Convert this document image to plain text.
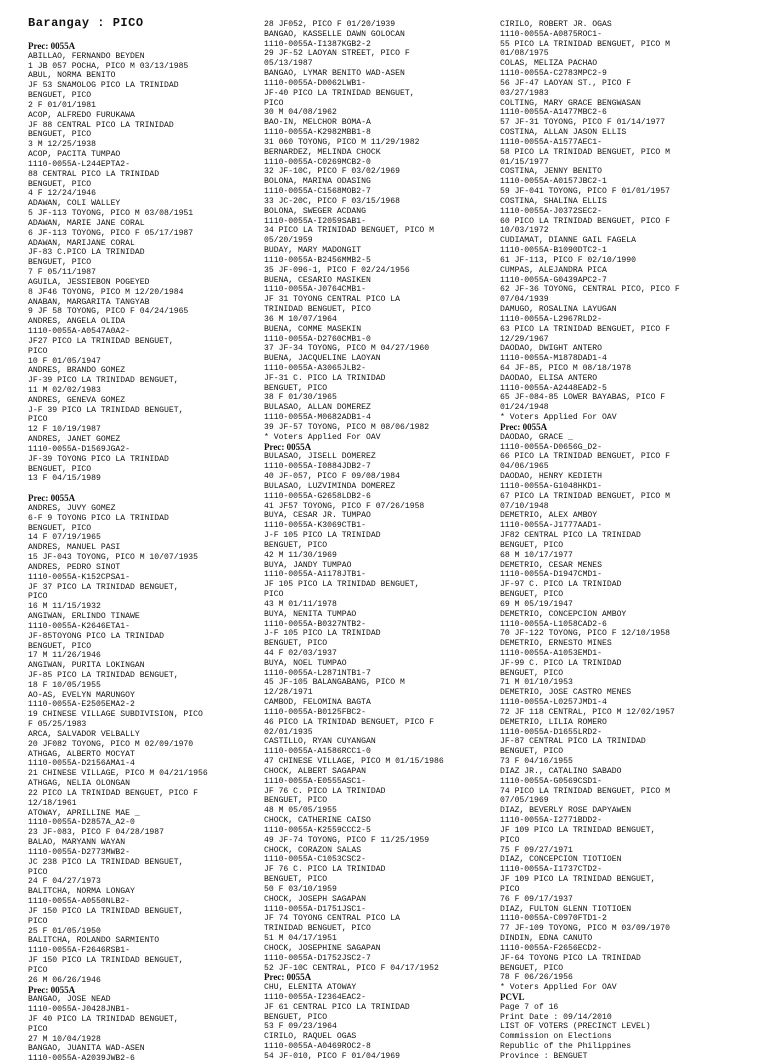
Barangay : PICO
Prec: 0055A
ABILLAO, FERNANDO BEYDEN
1 JB 057 POCHA, PICO M 03/13/1985
ABUL, NORMA BENITO
JF 53 SNAMOLOG PICO LA TRINIDAD
BENGUET, PICO
2 F 01/01/1981
ACOP, ALFREDO FURUKAWA
JF 88 CENTRAL PICO LA TRINIDAD
BENGUET, PICO
3 M 12/25/1938
ACOP, PACITA TUMPAO
1110-0055A-L244EPTA2-
88 CENTRAL PICO LA TRINIDAD
BENGUET, PICO
4 F 12/24/1946
ADAWAN, COLI WALLEY
5 JF-113 TOYONG, PICO M 03/08/1951
ADAWAN, MARIE JANE CORAL
6 JF-113 TOYONG, PICO F 05/17/1987
ADAWAN, MARIJANE CORAL
JF-83 C.PICO LA TRINIDAD
BENGUET, PICO
7 F 05/11/1987
AGUILA, JESSIEBON POGEYED
8 JF46 TOYONG, PICO M 12/20/1984
ANABAN, MARGARITA TANGYAB
9 JF 58 TOYONG, PICO F 04/24/1965
ANDRES, ANGELA OLIDA
1110-0055A-A0547A0A2-
JF27 PICO LA TRINIDAD BENGUET,
PICO
10 F 01/05/1947
ANDRES, BRANDO GOMEZ
JF-39 PICO LA TRINIDAD BENGUET,
11 M 02/02/1983
ANDRES, GENEVA GOMEZ
J-F 39 PICO LA TRINIDAD BENGUET,
PICO
12 F 10/19/1987
ANDRES, JANET GOMEZ
1110-0055A-D1569JGA2-
JF-39 TOYONG PICO LA TRINIDAD
BENGUET, PICO
13 F 04/15/1989

Prec: 0055A
ANDRES, JUVY GOMEZ
6-F 9 TOYONG PICO LA TRINIDAD
BENGUET, PICO
14 F 07/19/1965
ANDRES, MANUEL PASI
15 JF-043 TOYONG, PICO M 10/07/1935
ANDRES, PEDRO SINOT
1110-0055A-K152CPSA1-
JF 37 PICO LA TRINIDAD BENGUET,
PICO
16 M 11/15/1932
ANGIWAN, ERLINDO TINAWE
1110-0055A-K2646ETA1-
JF-85TOYONG PICO LA TRINIDAD
BENGUET, PICO
17 M 11/26/1946
ANGIWAN, PURITA LOKINGAN
JF-85 PICO LA TRINIDAD BENGUET,
18 F 10/05/1955
AO-AS, EVELYN MARUNGOY
1110-0055A-E2505EMA2-2
19 CHINESE VILLAGE SUBDIVISION, PICO
F 05/25/1983
ARCA, SALVADOR VELBALLY
20 JF082 TOYONG, PICO M 02/09/1970
ATHGAG, ALBERTO MOCYAT
1110-0055A-D2156AMA1-4
21 CHINESE VILLAGE, PICO M 04/21/1956
ATHGAG, NELIA OLONGAN
22 PICO LA TRINIDAD BENGUET, PICO F
12/18/1961
ATOWAY, APRILLINE MAE _
1110-0055A-D2857A_A2-0
23 JF-083, PICO F 04/28/1987
BALAO, MARYANN WAYAN
1110-0055A-D2773MWB2-
JC 238 PICO LA TRINIDAD BENGUET,
PICO
24 F 04/27/1973
BALITCHA, NORMA LONGAY
1110-0055A-A0550NLB2-
JF 150 PICO LA TRINIDAD BENGUET,
PICO
25 F 01/05/1950
BALITCHA, ROLANDO SARMIENTO
1110-0055A-F2646RSB1-
JF 150 PICO LA TRINIDAD BENGUET,
PICO
26 M 06/26/1946
Prec: 0055A
BANGAO, JOSE NEAD
1110-0055A-J0428JNB1-
JF 40 PICO LA TRINIDAD BENGUET,
PICO
27 M 10/04/1928
BANGAO, JUANITA WAD-ASEN
1110-0055A-A2039JWB2-6
28 JF052, PICO F 01/20/1939
BANGAO, KASSELLE DAWN GOLOCAN
1110-0055A-I1387KGB2-2
29 JF-52 LAOYAN STREET, PICO F
05/13/1987
BANGAO, LYMAR BENITO WAD-ASEN
1110-0055A-D0062LWB1-
JF-40 PICO LA TRINIDAD BENGUET,
PICO
30 M 04/08/1962
BAO-IN, MELCHOR BOMA-A
1110-0055A-K2982MBB1-8
31 060 TOYONG, PICO M 11/29/1982
BERNARDEZ, MELINDA CHOCK
1110-0055A-C0269MCB2-0
32 JF-10C, PICO F 03/02/1969
BOLONA, MARINA ODASING
1110-0055A-C1568MOB2-7
33 JC-20C, PICO F 03/15/1968
BOLONA, SWEGER ACDANG
1110-0055A-I2059SAB1-
34 PICO LA TRINIDAD BENGUET, PICO M
05/20/1959
BUDAY, MARY MADONGIT
1110-0055A-B2456MMB2-5
35 JF-096-1, PICO F 02/24/1956
BUENA, CESARIO MASIKEN
1110-0055A-J0764CMB1-
JF 31 TOYONG CENTRAL PICO LA
TRINIDAD BENGUET, PICO
36 M 10/07/1964
BUENA, COMME MASEKIN
1110-0055A-D2760CMB1-0
37 JF-34 TOYONG, PICO M 04/27/1960
BUENA, JACQUELINE LAOYAN
1110-0055A-A3065JLB2-
JF-31 C. PICO LA TRINIDAD
BENGUET, PICO
38 F 01/30/1965
BULASAO, ALLAN DOMEREZ
1110-0055A-M0682ADB1-4
39 JF-57 TOYONG, PICO M 08/06/1982
* Voters Applied For OAV
Prec: 0055A
BULASAO, JISELL DOMEREZ
1110-0055A-I0884JDB2-7
40 JF-057, PICO F 09/08/1984
BULASAO, LUZVIMINDA DOMEREZ
1110-0055A-G2658LDB2-6
41 JF57 TOYONG, PICO F 07/26/1958
BUYA, CESAR JR. TUMPAO
1110-0055A-K3069CTB1-
J-F 105 PICO LA TRINIDAD
BENGUET, PICO
42 M 11/30/1969
BUYA, JANDY TUMPAO
1110-0055A-A1178JTB1-
JF 105 PICO LA TRINIDAD BENGUET,
PICO
43 M 01/11/1978
BUYA, NENITA TUMPAO
1110-0055A-B0327NTB2-
J-F 105 PICO LA TRINIDAD
BENGUET, PICO
44 F 02/03/1937
BUYA, NOEL TUMPAO
1110-0055A-L2871NTB1-7
45 JF-105 BALANGABANG, PICO M
12/28/1971
CAMBOD, FELOMINA BAGTA
1110-0055A-B0125FBC2-
46 PICO LA TRINIDAD BENGUET, PICO F
02/01/1935
CASTILLO, RYAN CUYANGAN
1110-0055A-A1586RCC1-0
47 CHINESE VILLAGE, PICO M 01/15/1986
CHOCK, ALBERT SAGAPAN
1110-0055A-E0555ASC1-
JF 76 C. PICO LA TRINIDAD
BENGUET, PICO
48 M 05/05/1955
CHOCK, CATHERINE CAISO
1110-0055A-K2559CCC2-5
49 JF-74 TOYONG, PICO F 11/25/1959
CHOCK, CORAZON SALAS
1110-0055A-C1053CSC2-
JF 76 C. PICO LA TRINIDAD
BENGUET, PICO
50 F 03/10/1959
CHOCK, JOSEPH SAGAPAN
1110-0055A-D1751JSC1-
JF 74 TOYONG CENTRAL PICO LA
TRINIDAD BENGUET, PICO
51 M 04/17/1951
CHOCK, JOSEPHINE SAGAPAN
1110-0055A-D1752JSC2-7
52 JF-10C CENTRAL, PICO F 04/17/1952
Prec: 0055A
CHU, ELENITA ATOWAY
1110-0055A-I2364EAC2-
JF 61 CENTRAL PICO LA TRINIDAD
BENGUET, PICO
53 F 09/23/1964
CIRILO, RAQUEL OGAS
1110-0055A-A0469ROC2-8
54 JF-010, PICO F 01/04/1969
CIRILO, ROBERT JR. OGAS
1110-0055A-A0875ROC1-
55 PICO LA TRINIDAD BENGUET, PICO M
01/08/1975
COLAS, MELIZA PACHAO
1110-0055A-C2783MPC2-9
56 JF-47 LAOYAN ST., PICO F
03/27/1983
COLTING, MARY GRACE BENGWASAN
1110-0055A-A1477MBC2-6
57 JF-31 TOYONG, PICO F 01/14/1977
COSTINA, ALLAN JASON ELLIS
1110-0055A-A1577AEC1-
58 PICO LA TRINIDAD BENGUET, PICO M
01/15/1977
COSTINA, JENNY BENITO
1110-0055A-A0157JBC2-1
59 JF-041 TOYONG, PICO F 01/01/1957
COSTINA, SHALINA ELLIS
1110-0055A-J0372SEC2-
60 PICO LA TRINIDAD BENGUET, PICO F
10/03/1972
CUDIAMAT, DIANNE GAIL FAGELA
1110-0055A-B1090DTC2-1
61 JF-113, PICO F 02/10/1990
CUMPAS, ALEJANDRA PICA
1110-0055A-G0439APC2-7
62 JF-36 TOYONG, CENTRAL PICO, PICO F
07/04/1939
DAMUGO, ROSALINA LAYUGAN
1110-0055A-L2967RLD2-
63 PICO LA TRINIDAD BENGUET, PICO F
12/29/1967
DAODAO, DWIGHT ANTERO
1110-0055A-M1878DAD1-4
64 JF-85, PICO M 08/18/1978
DAODAO, ELISA ANTERO
1110-0055A-A2448EAD2-5
65 JF-084-85 LOWER BAYABAS, PICO F
01/24/1948
* Voters Applied For OAV
Prec: 0055A
DAODAO, GRACE _
1110-0055A-D0656G_D2-
66 PICO LA TRINIDAD BENGUET, PICO F
04/06/1965
DAODAO, HENRY KEDIETH
1110-0055A-G1048HKD1-
67 PICO LA TRINIDAD BENGUET, PICO M
07/10/1948
DEMETRIO, ALEX AMBOY
1110-0055A-J1777AAD1-
JF82 CENTRAL PICO LA TRINIDAD
BENGUET, PICO
68 M 10/17/1977
DEMETRIO, CESAR MENES
1110-0055A-D1947CMD1-
JF-97 C. PICO LA TRINIDAD
BENGUET, PICO
69 M 05/19/1947
DEMETRIO, CONCEPCION AMBOY
1110-0055A-L1058CAD2-6
70 JF-122 TOYONG, PICO F 12/10/1958
DEMETRIO, ERNESTO MINES
1110-0055A-A1053EMD1-
JF-99 C. PICO LA TRINIDAD
BENGUET, PICO
71 M 01/10/1953
DEMETRIO, JOSE CASTRO MENES
1110-0055A-L0257JMD1-4
72 JF 118 CENTRAL, PICO M 12/02/1957
DEMETRIO, LILIA ROMERO
1110-0055A-D1655LRD2-
JF-87 CENTRAL PICO LA TRINIDAD
BENGUET, PICO
73 F 04/16/1955
DIAZ JR., CATALINO SABADO
1110-0055A-G0569CSD1-
74 PICO LA TRINIDAD BENGUET, PICO M
07/05/1969
DIAZ, BEVERLY ROSE DAPYAWEN
1110-0055A-I2771BDD2-
JF 109 PICO LA TRINIDAD BENGUET,
PICO
75 F 09/27/1971
DIAZ, CONCEPCION TIOTIOEN
1110-0055A-I1737CTD2-
JF 109 PICO LA TRINIDAD BENGUET,
PICO
76 F 09/17/1937
DIAZ, FULTON GLENN TIOTIOEN
1110-0055A-C0970FTD1-2
77 JF-109 TOYONG, PICO M 03/09/1970
DINDIN, EDNA CANUTO
1110-0055A-F2656ECD2-
JF-64 TOYONG PICO LA TRINIDAD
BENGUET, PICO
78 F 06/26/1956
* Voters Applied For OAV
PCVL
Page 7 of 16
Print Date : 09/14/2010
LIST OF VOTERS (PRECINCT LEVEL)
Commission on Elections
Republic of the Philippines
Province : BENGUET
